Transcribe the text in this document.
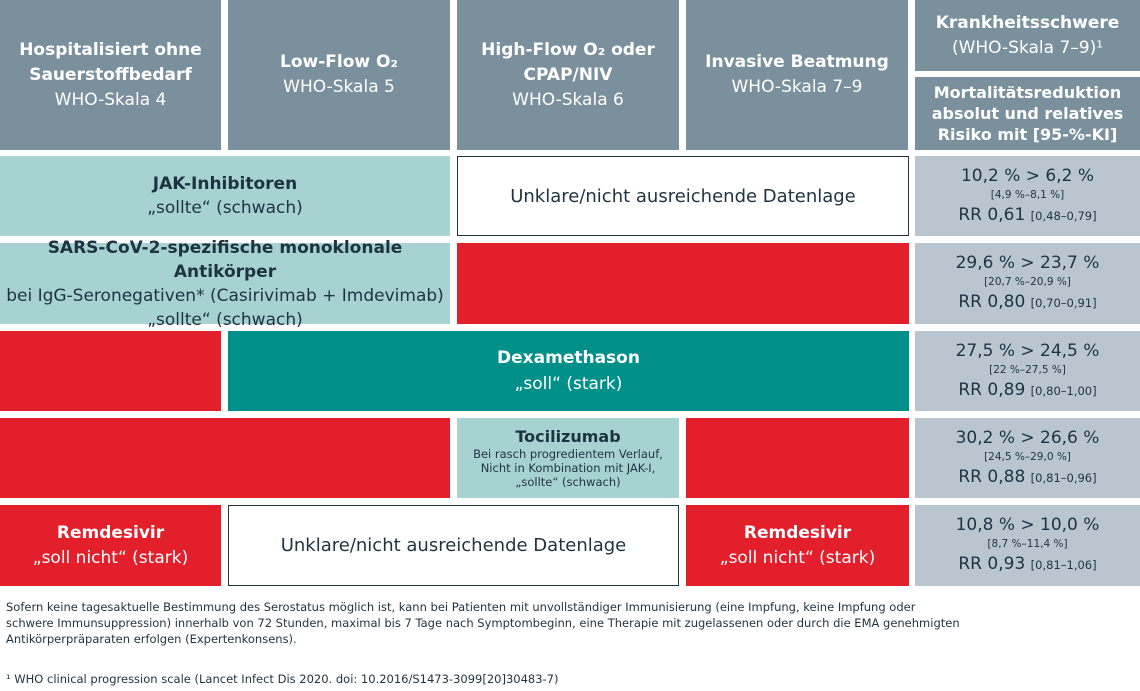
Hospitalisiert ohne
Sauerstoffbedarf
WHO-Skala 4
Low-Flow O₂
WHO-Skala 5
High-Flow O₂ oder
CPAP/NIV
WHO-Skala 6
Invasive Beatmung
WHO-Skala 7–9
Krankheitsschwere
(WHO-Skala 7–9)¹
Mortalitätsreduktion
absolut und relatives
Risiko mit [95-%-KI]
JAK-Inhibitoren
„sollte“ (schwach)
Unklare/nicht ausreichende Datenlage
10,2 % > 6,2 %
[4,9 %–8,1 %]
RR 0,61 [0,48–0,79]
SARS-CoV-2-spezifische monoklonale Antikörper
bei IgG-Seronegativen* (Casirivimab + Imdevimab)
„sollte“ (schwach)
29,6 % > 23,7 %
[20,7 %–20,9 %]
RR 0,80 [0,70–0,91]
Dexamethason
„soll“ (stark)
27,5 % > 24,5 %
[22 %–27,5 %]
RR 0,89 [0,80–1,00]
Tocilizumab
Bei rasch progredientem Verlauf,
Nicht in Kombination mit JAK-I,
„sollte“ (schwach)
30,2 % > 26,6 %
[24,5 %–29,0 %]
RR 0,88 [0,81–0,96]
Remdesivir
„soll nicht“ (stark)
Unklare/nicht ausreichende Datenlage
Remdesivir
„soll nicht“ (stark)
10,8 % > 10,0 %
[8,7 %–11,4 %]
RR 0,93 [0,81–1,06]
Sofern keine tagesaktuelle Bestimmung des Serostatus möglich ist, kann bei Patienten mit unvollständiger Immunisierung (eine Impfung, keine Impfung oder
schwere Immunsuppression) innerhalb von 72 Stunden, maximal bis 7 Tage nach Symptombeginn, eine Therapie mit zugelassenen oder durch die EMA genehmigten
Antikörperpräparaten erfolgen (Expertenkonsens).
¹ WHO clinical progression scale (Lancet Infect Dis 2020. doi: 10.2016/S1473-3099[20]30483-7)
